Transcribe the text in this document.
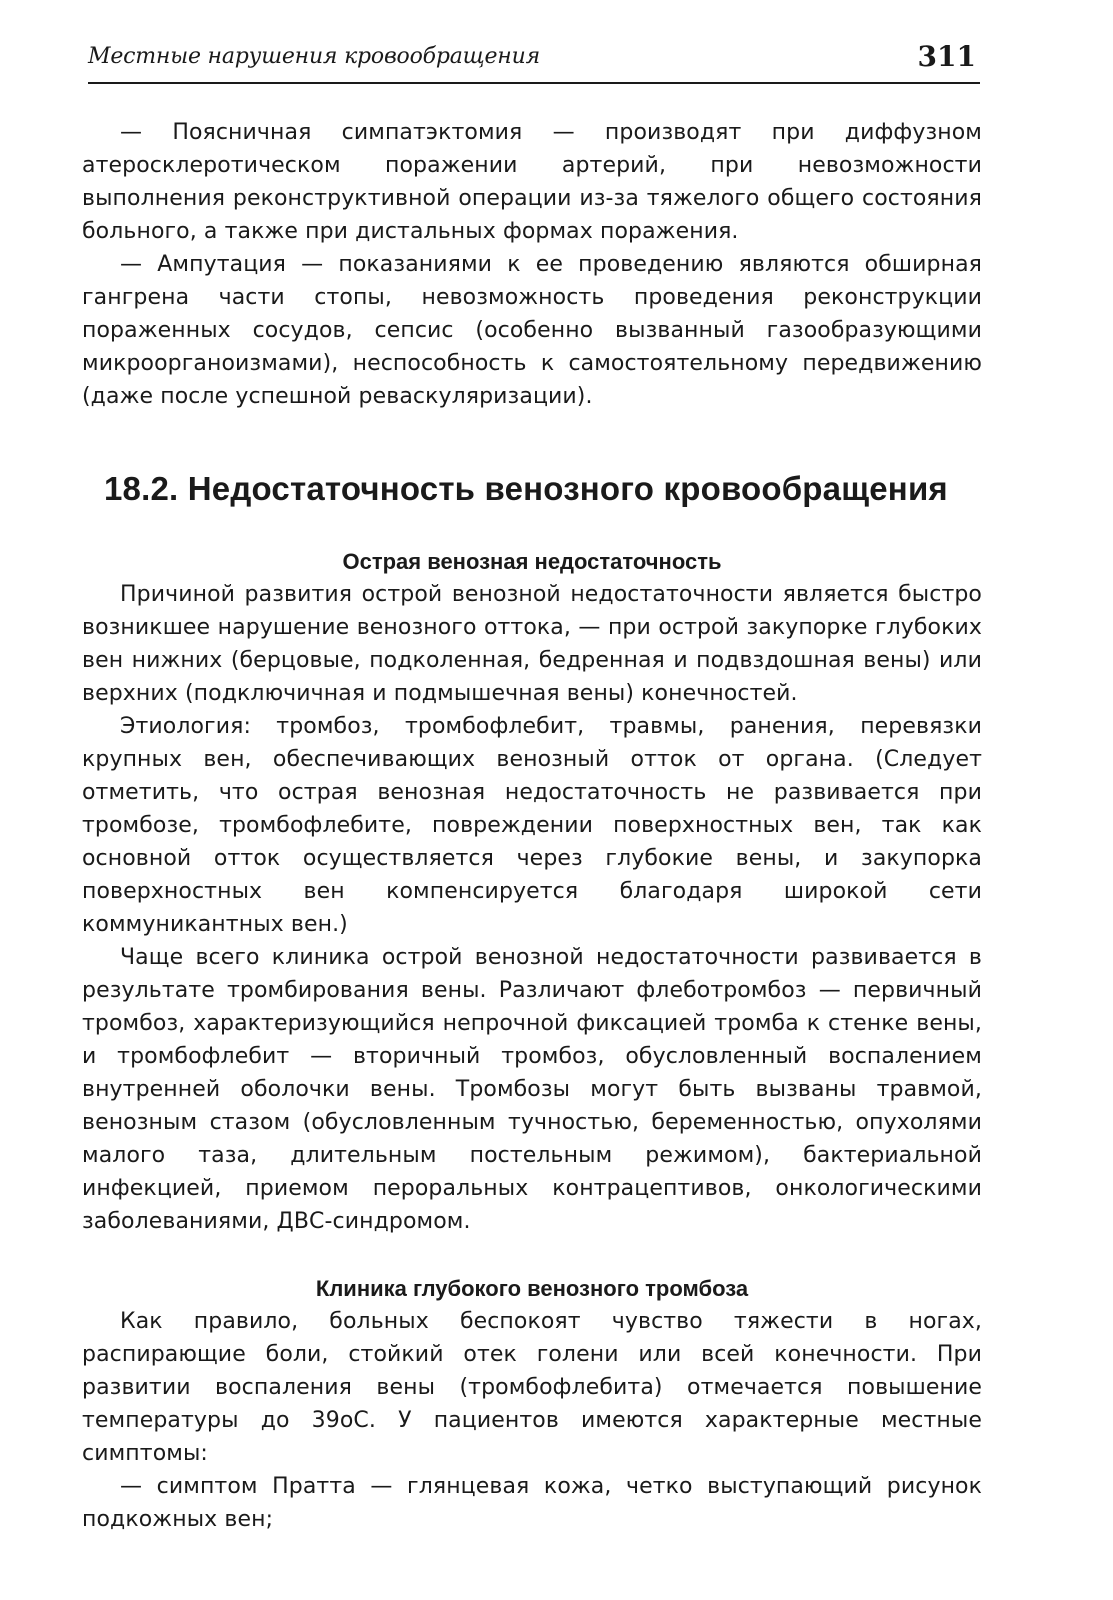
Местные нарушения кровообращения	311

— Поясничная симпатэктомия — производят при диффузном атеросклеротическом поражении артерий, при невозможности выполнения реконструктивной операции из-за тяжелого общего состояния больного, а также при дистальных формах поражения.

— Ампутация — показаниями к ее проведению являются обширная гангрена части стопы, невозможность проведения реконструкции пораженных сосудов, сепсис (особенно вызванный газообразующими микроорганоизмами), неспособность к самостоятельному передвижению (даже после успешной реваскуляризации).

18.2. Недостаточность венозного кровообращения
Острая венозная недостаточность

Причиной развития острой венозной недостаточности является быстро возникшее нарушение венозного оттока, — при острой закупорке глубоких вен нижних (берцовые, подколенная, бедренная и подвздошная вены) или верхних (подключичная и подмышечная вены) конечностей.

Этиология: тромбоз, тромбофлебит, травмы, ранения, перевязки крупных вен, обеспечивающих венозный отток от органа. (Следует отметить, что острая венозная недостаточность не развивается при тромбозе, тромбофлебите, повреждении поверхностных вен, так как основной отток осуществляется через глубокие вены, и закупорка поверхностных вен компенсируется благодаря широкой сети коммуникантных вен.)

Чаще всего клиника острой венозной недостаточности развивается в результате тромбирования вены. Различают флеботромбоз — первичный тромбоз, характеризующийся непрочной фиксацией тромба к стенке вены, и тромбофлебит — вторичный тромбоз, обусловленный воспалением внутренней оболочки вены. Тромбозы могут быть вызваны травмой, венозным стазом (обусловленным тучностью, беременностью, опухолями малого таза, длительным постельным режимом), бактериальной инфекцией, приемом пероральных контрацептивов, онкологическими заболеваниями, ДВС-синдромом.

Клиника глубокого венозного тромбоза

Как правило, больных беспокоят чувство тяжести в ногах, распирающие боли, стойкий отек голени или всей конечности. При развитии воспаления вены (тромбофлебита) отмечается повышение температуры до 39оС. У пациентов имеются характерные местные симптомы:

— симптом Пратта — глянцевая кожа, четко выступающий рисунок подкожных вен;
